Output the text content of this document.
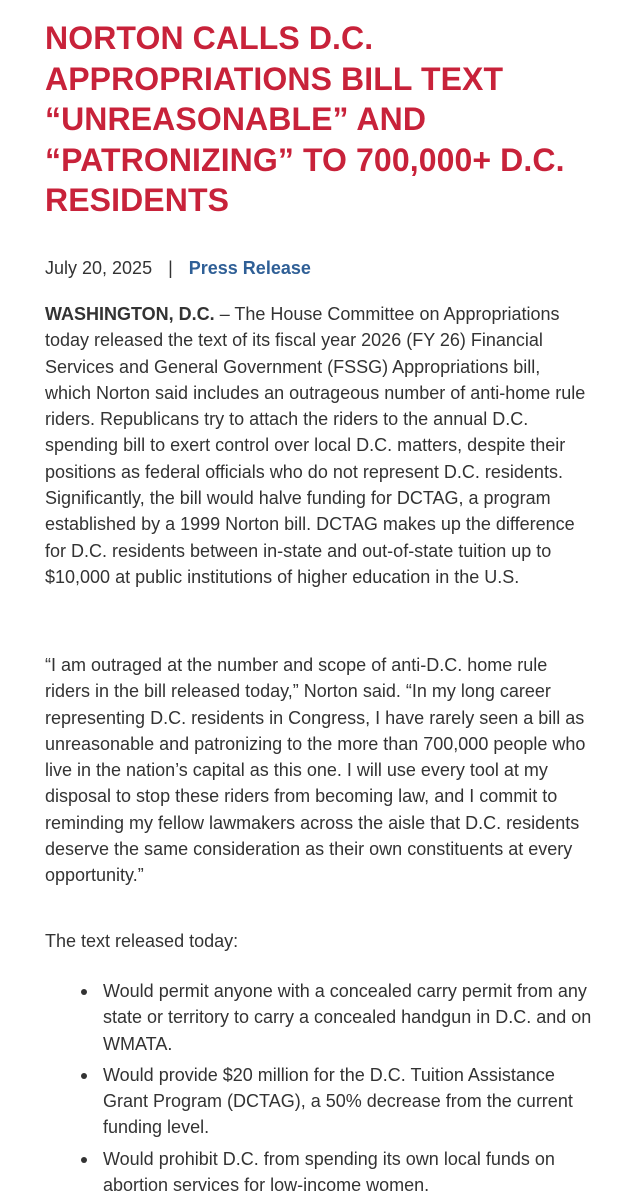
NORTON CALLS D.C. APPROPRIATIONS BILL TEXT “UNREASONABLE” AND “PATRONIZING” TO 700,000+ D.C. RESIDENTS
July 20, 2025 | Press Release

WASHINGTON, D.C. – The House Committee on Appropriations today released the text of its fiscal year 2026 (FY 26) Financial Services and General Government (FSSG) Appropriations bill, which Norton said includes an outrageous number of anti-home rule riders. Republicans try to attach the riders to the annual D.C. spending bill to exert control over local D.C. matters, despite their positions as federal officials who do not represent D.C. residents. Significantly, the bill would halve funding for DCTAG, a program established by a 1999 Norton bill. DCTAG makes up the difference for D.C. residents between in-state and out-of-state tuition up to $10,000 at public institutions of higher education in the U.S.

“I am outraged at the number and scope of anti-D.C. home rule riders in the bill released today,” Norton said. “In my long career representing D.C. residents in Congress, I have rarely seen a bill as unreasonable and patronizing to the more than 700,000 people who live in the nation’s capital as this one. I will use every tool at my disposal to stop these riders from becoming law, and I commit to reminding my fellow lawmakers across the aisle that D.C. residents deserve the same consideration as their own constituents at every opportunity.”

The text released today:

Would permit anyone with a concealed carry permit from any state or territory to carry a concealed handgun in D.C. and on WMATA.
Would provide $20 million for the D.C. Tuition Assistance Grant Program (DCTAG), a 50% decrease from the current funding level.
Would prohibit D.C. from spending its own local funds on abortion services for low-income women.
